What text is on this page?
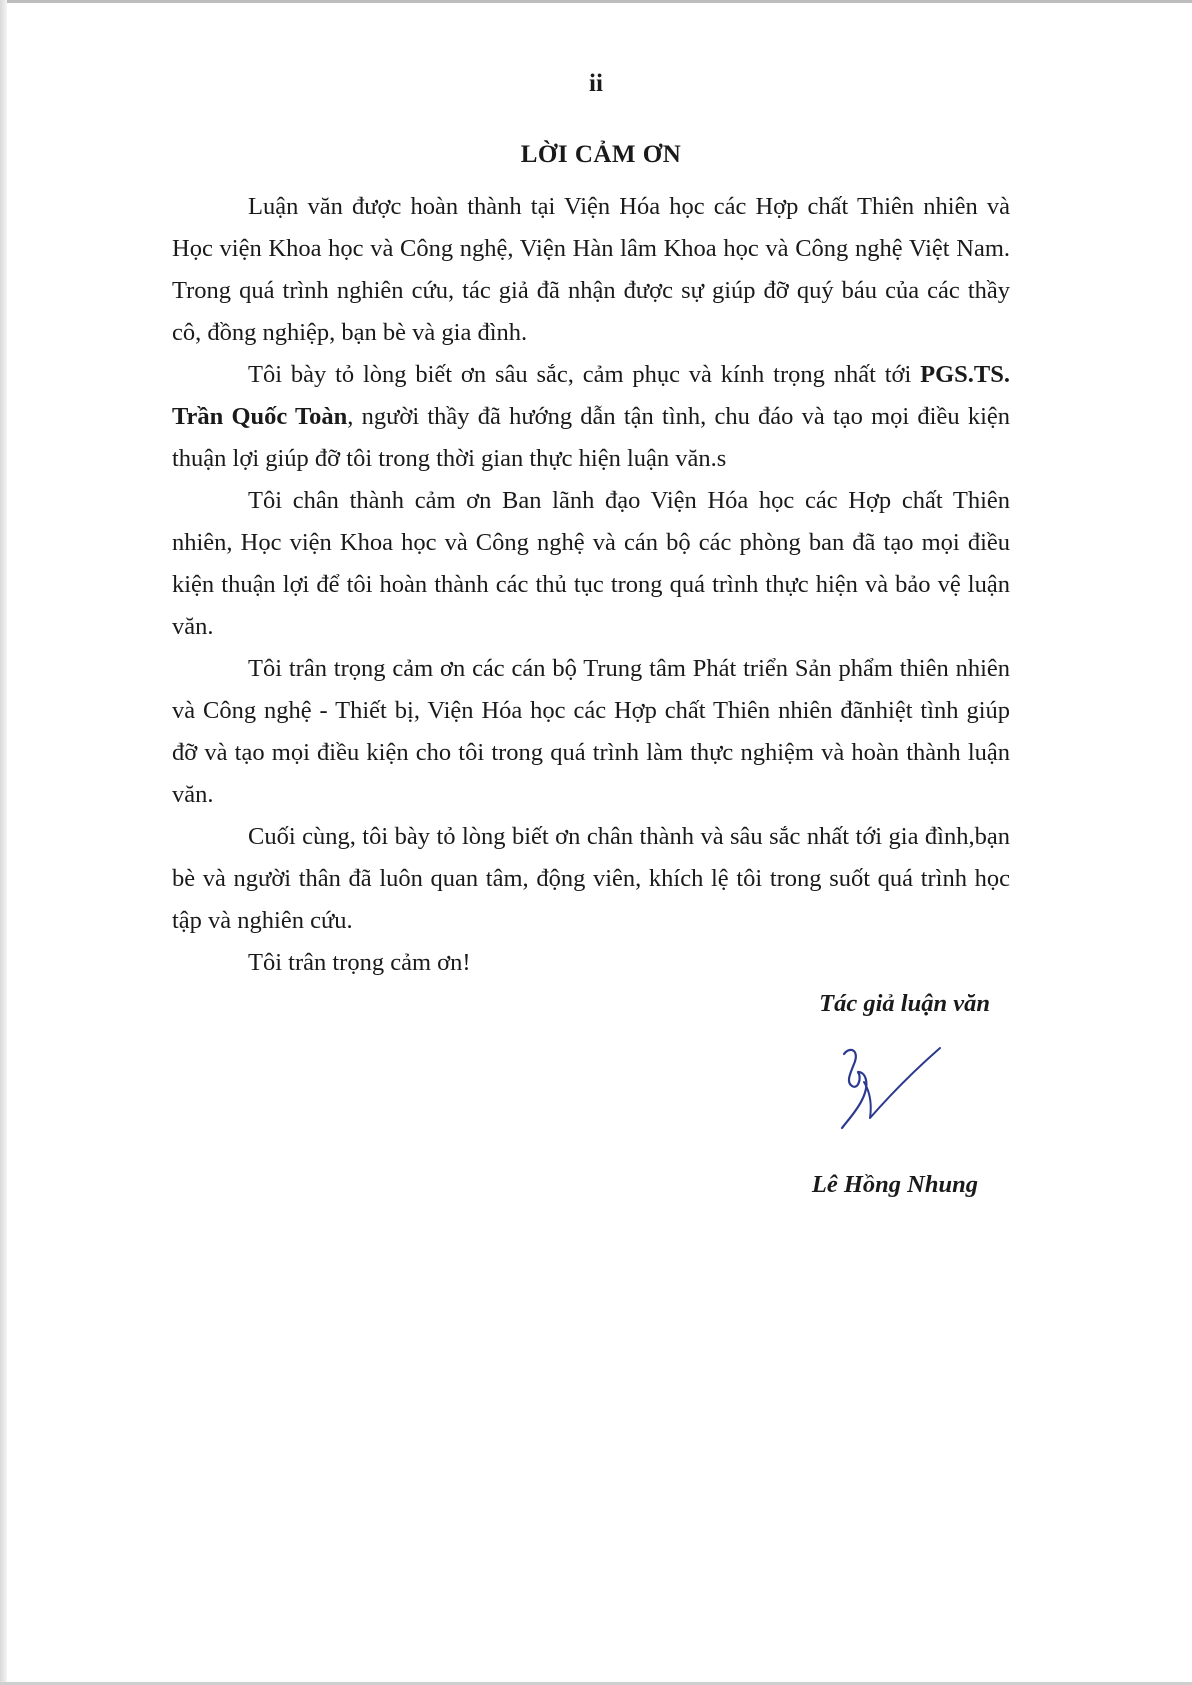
ii
LỜI CẢM ƠN

Luận văn được hoàn thành tại Viện Hóa học các Hợp chất Thiên nhiên và Học viện Khoa học và Công nghệ, Viện Hàn lâm Khoa học và Công nghệ Việt Nam. Trong quá trình nghiên cứu, tác giả đã nhận được sự giúp đỡ quý báu của các thầy cô, đồng nghiệp, bạn bè và gia đình.

Tôi bày tỏ lòng biết ơn sâu sắc, cảm phục và kính trọng nhất tới PGS.TS. Trần Quốc Toàn, người thầy đã hướng dẫn tận tình, chu đáo và tạo mọi điều kiện thuận lợi giúp đỡ tôi trong thời gian thực hiện luận văn.s

Tôi chân thành cảm ơn Ban lãnh đạo Viện Hóa học các Hợp chất Thiên nhiên, Học viện Khoa học và Công nghệ và cán bộ các phòng ban đã tạo mọi điều kiện thuận lợi để tôi hoàn thành các thủ tục trong quá trình thực hiện và bảo vệ luận văn.

Tôi trân trọng cảm ơn các cán bộ Trung tâm Phát triển Sản phẩm thiên nhiên và Công nghệ - Thiết bị, Viện Hóa học các Hợp chất Thiên nhiên đãnhiệt tình giúp đỡ và tạo mọi điều kiện cho tôi trong quá trình làm thực nghiệm và hoàn thành luận văn.

Cuối cùng, tôi bày tỏ lòng biết ơn chân thành và sâu sắc nhất tới gia đình,bạn bè và người thân đã luôn quan tâm, động viên, khích lệ tôi trong suốt quá trình học tập và nghiên cứu.

Tôi trân trọng cảm ơn!

Tác giả luận văn
Lê Hồng Nhung
